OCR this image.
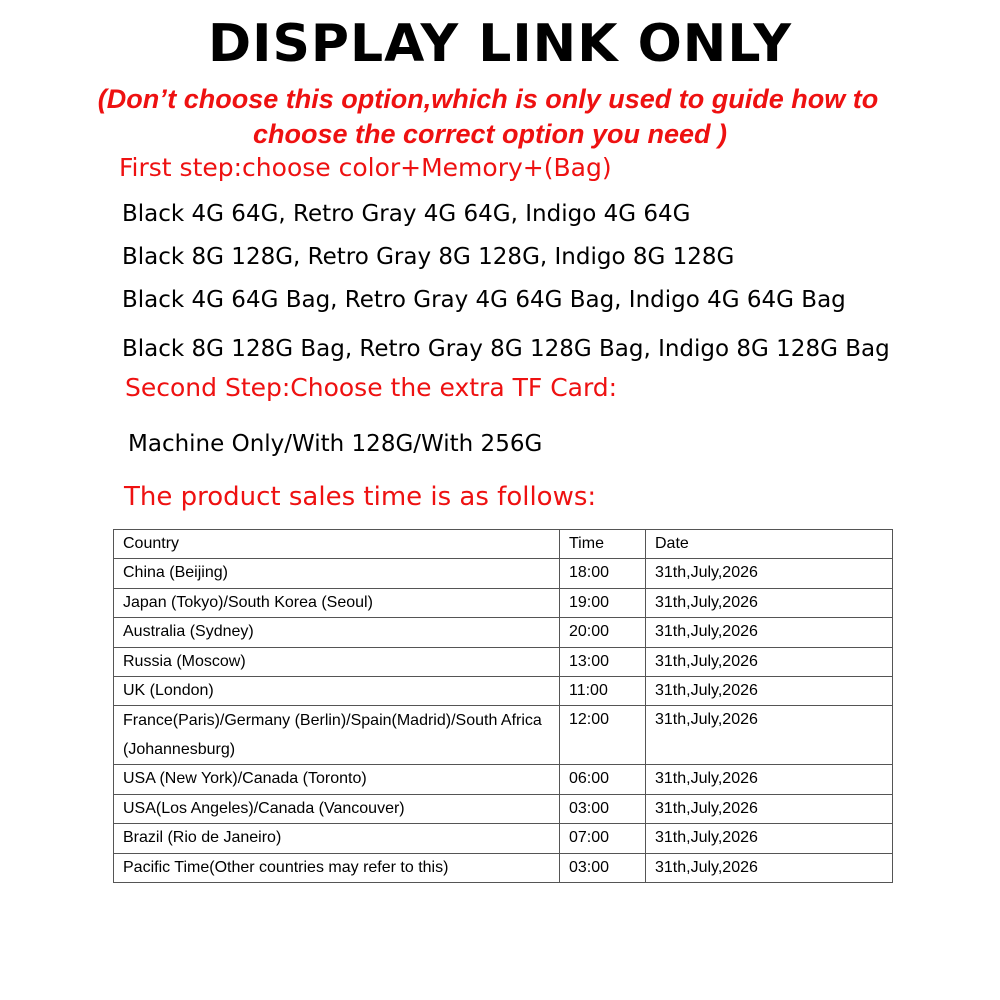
DISPLAY LINK ONLY
(Don’t choose this option,which is only used to guide how to
choose the correct option you need )
First step:choose color+Memory+(Bag)
Black 4G 64G, Retro Gray 4G 64G, Indigo 4G 64G
Black 8G 128G, Retro Gray 8G 128G, Indigo 8G 128G
Black 4G 64G Bag, Retro Gray 4G 64G Bag, Indigo 4G 64G Bag
Black 8G 128G Bag, Retro Gray 8G 128G Bag, Indigo 8G 128G Bag
Second Step:Choose the extra TF Card:
Machine Only/With 128G/With 256G
The product sales time is as follows:
Country	Time	Date
China (Beijing)	18:00	31th,July,2026
Japan (Tokyo)/South Korea (Seoul)	19:00	31th,July,2026
Australia (Sydney)	20:00	31th,July,2026
Russia (Moscow)	13:00	31th,July,2026
UK (London)	11:00	31th,July,2026
France(Paris)/Germany (Berlin)/Spain(Madrid)/South Africa (Johannesburg)	12:00	31th,July,2026
USA (New York)/Canada (Toronto)	06:00	31th,July,2026
USA(Los Angeles)/Canada (Vancouver)	03:00	31th,July,2026
Brazil (Rio de Janeiro)	07:00	31th,July,2026
Pacific Time(Other countries may refer to this)	03:00	31th,July,2026
